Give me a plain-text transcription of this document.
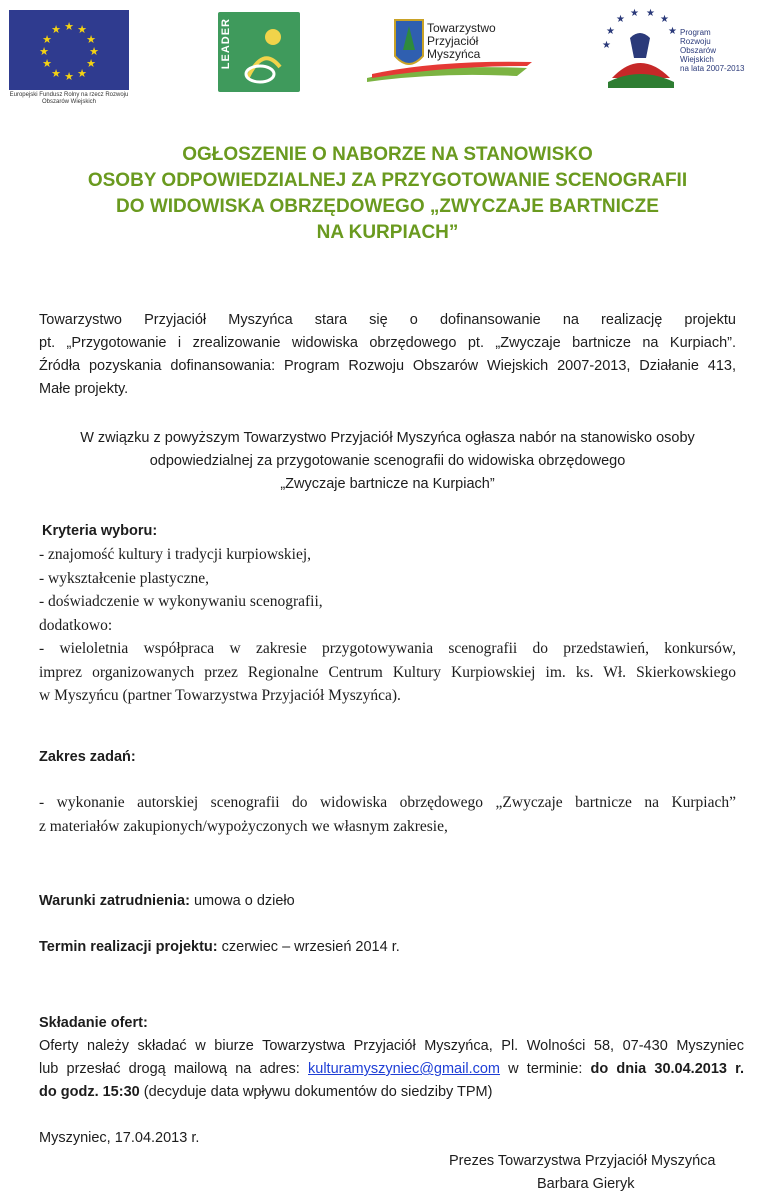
★ ★
★
★
★
★
★
★
★
★
★
★
Europejski Fundusz Rolny na rzecz Rozwoju Obszarów Wiejskich
LEADER	Towarzystwo
Przyjaciół
Myszyńca
★
★
★
★ ★
★
★ Program
Rozwoju
Obszarów
Wiejskich
na lata 2007-2013
OGŁOSZENIE O NABORZE NA STANOWISKO
OSOBY ODPOWIEDZIALNEJ ZA PRZYGOTOWANIE SCENOGRAFII
DO WIDOWISKA OBRZĘDOWEGO „ZWYCZAJE BARTNICZE
NA KURPIACH”
Towarzystwo Przyjaciół Myszyńca stara się o dofinansowanie na realizację projektu
pt. „Przygotowanie i zrealizowanie widowiska obrzędowego pt. „Zwyczaje bartnicze na Kurpiach”.
Źródła pozyskania dofinansowania: Program Rozwoju Obszarów Wiejskich 2007-2013, Działanie 413,
Małe projekty.
W związku z powyższym Towarzystwo Przyjaciół Myszyńca ogłasza nabór na stanowisko osoby
odpowiedzialnej za przygotowanie scenografii do widowiska obrzędowego
„Zwyczaje bartnicze na Kurpiach”
Kryteria wyboru:
- znajomość kultury i tradycji kurpiowskiej,
- wykształcenie plastyczne,
- doświadczenie w wykonywaniu scenografii,
dodatkowo:
- wieloletnia współpraca w zakresie przygotowywania scenografii do przedstawień, konkursów,
imprez organizowanych przez Regionalne Centrum Kultury Kurpiowskiej im. ks. Wł. Skierkowskiego
w Myszyńcu (partner Towarzystwa Przyjaciół Myszyńca).
Zakres zadań:
- wykonanie autorskiej scenografii do widowiska obrzędowego „Zwyczaje bartnicze na Kurpiach”
z materiałów zakupionych/wypożyczonych we własnym zakresie,
Warunki zatrudnienia: umowa o dzieło
Termin realizacji projektu: czerwiec – wrzesień 2014 r.
Składanie ofert:
Oferty należy składać w biurze Towarzystwa Przyjaciół Myszyńca, Pl. Wolności 58, 07-430 Myszyniec
lub przesłać drogą mailową na adres: kulturamyszyniec@gmail.com w terminie: do dnia 30.04.2013 r.
do godz. 15:30 (decyduje data wpływu dokumentów do siedziby TPM)
Myszyniec, 17.04.2013 r.
Prezes Towarzystwa Przyjaciół Myszyńca
Barbara Gieryk
